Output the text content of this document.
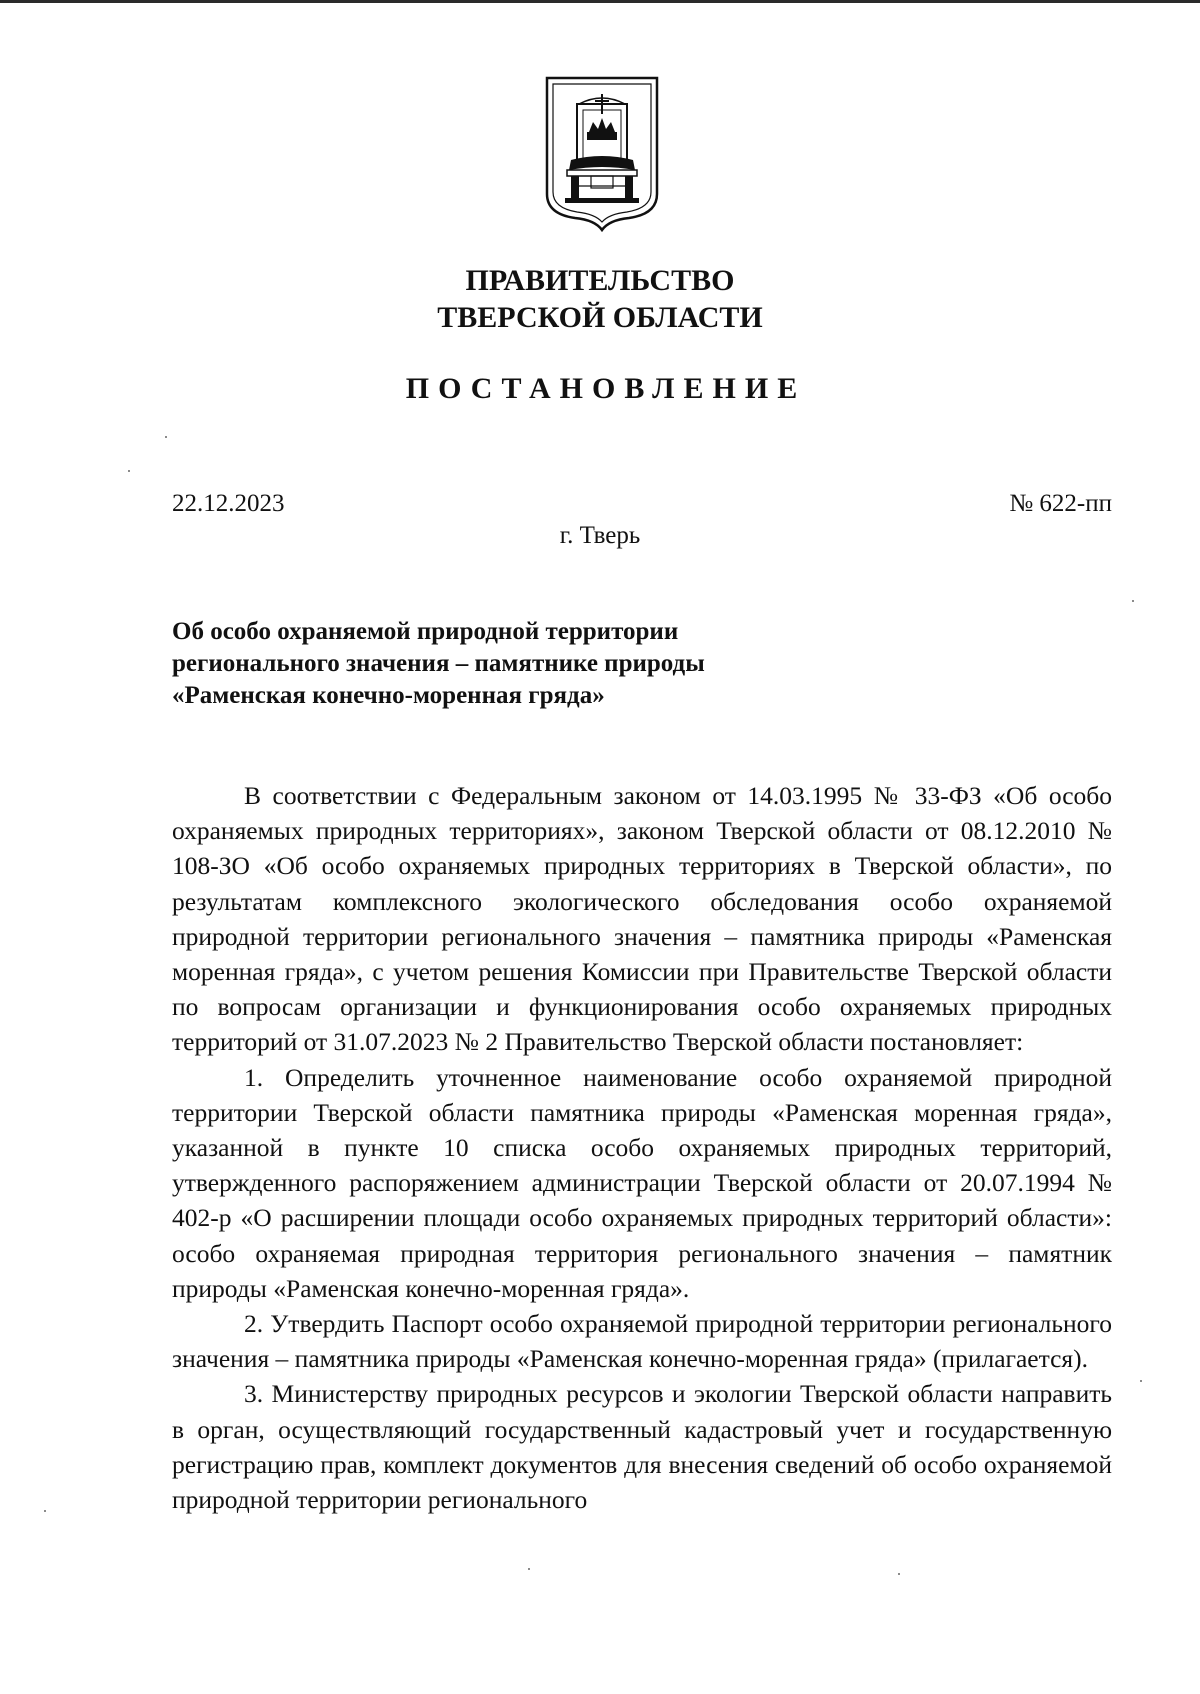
ПРАВИТЕЛЬСТВО
ТВЕРСКОЙ ОБЛАСТИ
ПОСТАНОВЛЕНИЕ
22.12.2023	№ 622-пп
г. Тверь
Об особо охраняемой природной территории
регионального значения – памятнике природы
«Раменская конечно-моренная гряда»

В соответствии с Федеральным законом от 14.03.1995 № 33-ФЗ «Об особо охраняемых природных территориях», законом Тверской области от 08.12.2010 № 108-ЗО «Об особо охраняемых природных территориях в Тверской области», по результатам комплексного экологического обследования особо охраняемой природной территории регионального значения – памятника природы «Раменская моренная гряда», с учетом решения Комиссии при Правительстве Тверской области по вопросам организации и функционирования особо охраняемых природных территорий от 31.07.2023 № 2 Правительство Тверской области постановляет:

1. Определить уточненное наименование особо охраняемой природной территории Тверской области памятника природы «Раменская моренная гряда», указанной в пункте 10 списка особо охраняемых природных территорий, утвержденного распоряжением администрации Тверской области от 20.07.1994 № 402-р «О расширении площади особо охраняемых природных территорий области»: особо охраняемая природная территория регионального значения – памятник природы «Раменская конечно-моренная гряда».

2. Утвердить Паспорт особо охраняемой природной территории регионального значения – памятника природы «Раменская конечно-моренная гряда» (прилагается).

3. Министерству природных ресурсов и экологии Тверской области направить в орган, осуществляющий государственный кадастровый учет и государственную регистрацию прав, комплект документов для внесения сведений об особо охраняемой природной территории регионального
